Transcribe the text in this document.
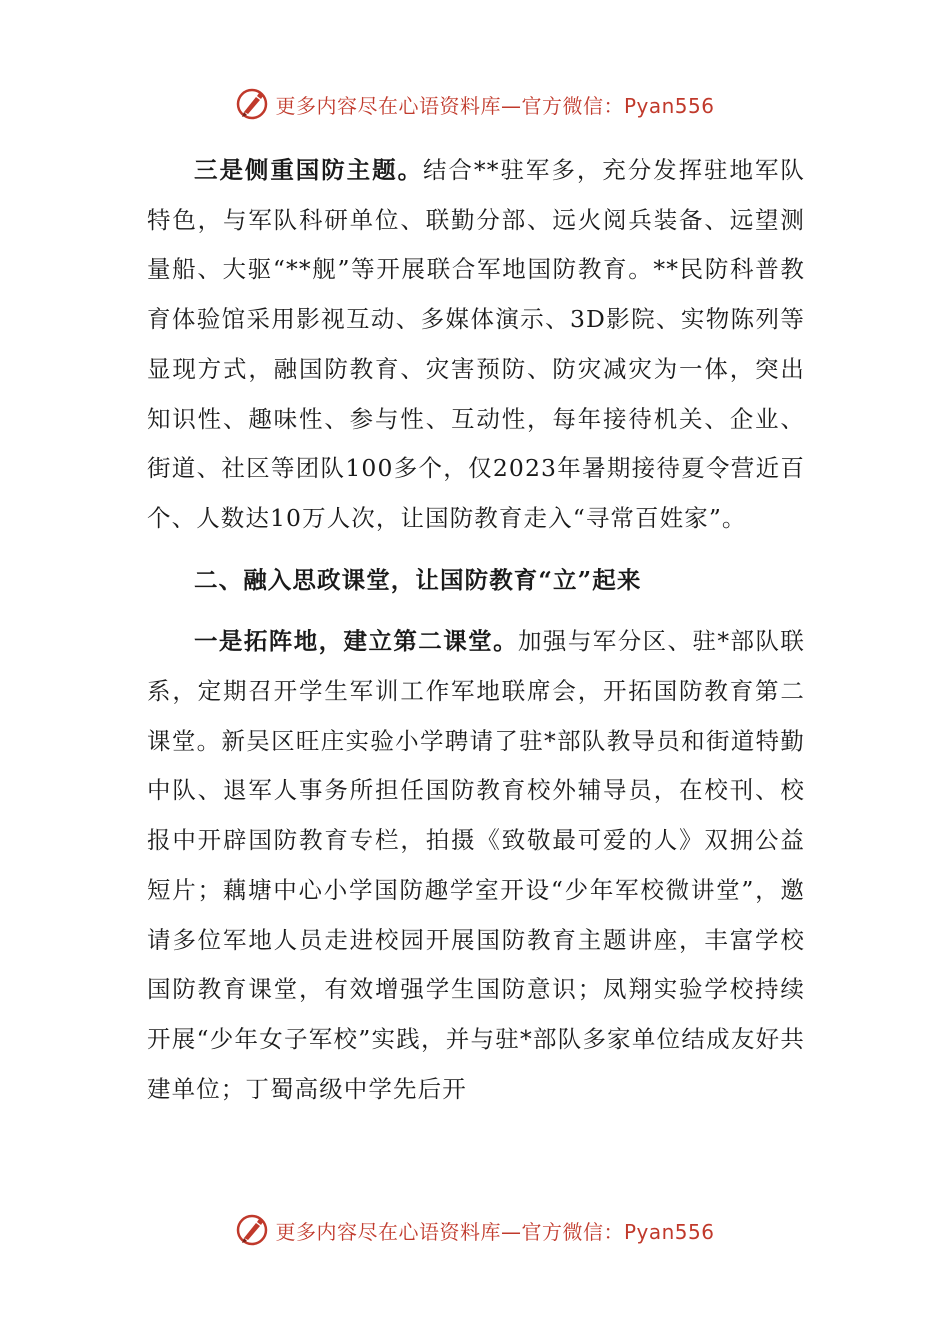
更多内容尽在心语资料库—官方微信：Pyan556

三是侧重国防主题。结合**驻军多，充分发挥驻地军队特色，与军队科研单位、联勤分部、远火阅兵装备、远望测量船、大驱“**舰”等开展联合军地国防教育。**民防科普教育体验馆采用影视互动、多媒体演示、3D影院、实物陈列等显现方式，融国防教育、灾害预防、防灾减灾为一体，突出知识性、趣味性、参与性、互动性，每年接待机关、企业、街道、社区等团队100多个，仅2023年暑期接待夏令营近百个、人数达10万人次，让国防教育走入“寻常百姓家”。

二、融入思政课堂，让国防教育“立”起来

一是拓阵地，建立第二课堂。加强与军分区、驻*部队联系，定期召开学生军训工作军地联席会，开拓国防教育第二课堂。新吴区旺庄实验小学聘请了驻*部队教导员和街道特勤中队、退军人事务所担任国防教育校外辅导员，在校刊、校报中开辟国防教育专栏，拍摄《致敬最可爱的人》双拥公益短片；藕塘中心小学国防趣学室开设“少年军校微讲堂”，邀请多位军地人员走进校园开展国防教育主题讲座，丰富学校国防教育课堂，有效增强学生国防意识；凤翔实验学校持续开展“少年女子军校”实践，并与驻*部队多家单位结成友好共建单位；丁蜀高级中学先后开

更多内容尽在心语资料库—官方微信：Pyan556
